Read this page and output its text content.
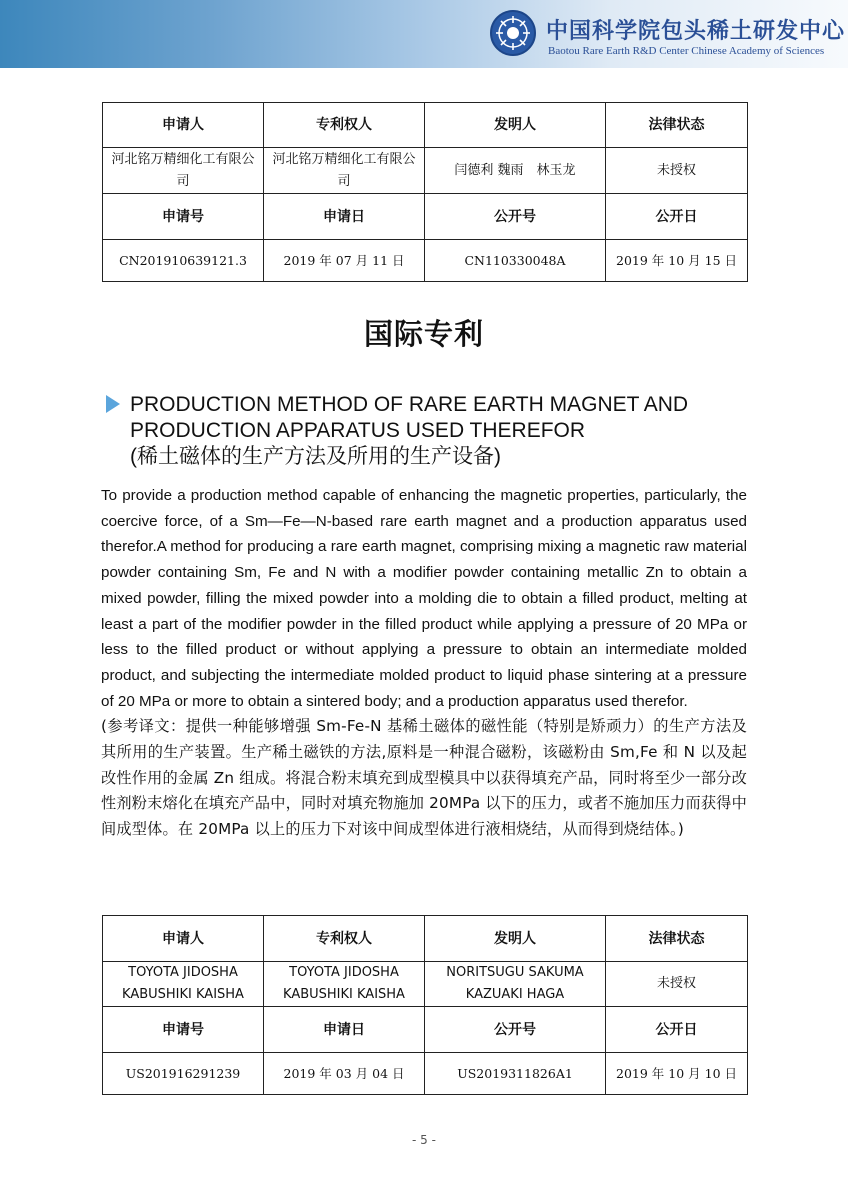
中国科学院包头稀土研发中心
Baotou Rare Earth R&D Center Chinese Academy of Sciences
申请人	专利权人	发明人	法律状态
河北铭万精细化工有限公司	河北铭万精细化工有限公司	闫德利 魏雨　林玉龙	未授权
申请号	申请日	公开号	公开日
CN201910639121.3	2019 年 07 月 11 日	CN110330048A	2019 年 10 月 15 日
国际专利
PRODUCTION METHOD OF RARE EARTH MAGNET AND PRODUCTION APPARATUS USED THEREFOR
(稀土磁体的生产方法及所用的生产设备)
To provide a production method capable of enhancing the magnetic properties, particularly, the coercive force, of a Sm—Fe—N-based rare earth magnet and a production apparatus used therefor.A method for producing a rare earth magnet, comprising mixing a magnetic raw material powder containing Sm, Fe and N with a modifier powder containing metallic Zn to obtain a mixed powder, filling the mixed powder into a molding die to obtain a filled product, melting at least a part of the modifier powder in the filled product while applying a pressure of 20 MPa or less to the filled product or without applying a pressure to obtain an intermediate molded product, and subjecting the intermediate molded product to liquid phase sintering at a pressure of 20 MPa or more to obtain a sintered body; and a production apparatus used therefor.
(参考译文：提供一种能够增强 Sm-Fe-N 基稀土磁体的磁性能（特别是矫顽力）的生产方法及其所用的生产装置。生产稀土磁铁的方法,原料是一种混合磁粉，该磁粉由 Sm,Fe 和 N 以及起改性作用的金属 Zn 组成。将混合粉末填充到成型模具中以获得填充产品，同时将至少一部分改性剂粉末熔化在填充产品中，同时对填充物施加 20MPa 以下的压力，或者不施加压力而获得中间成型体。在 20MPa 以上的压力下对该中间成型体进行液相烧结，从而得到烧结体。)
申请人	专利权人	发明人	法律状态
TOYOTA JIDOSHA KABUSHIKI KAISHA	TOYOTA JIDOSHA KABUSHIKI KAISHA	NORITSUGU SAKUMA KAZUAKI HAGA	未授权
申请号	申请日	公开号	公开日
US201916291239	2019 年 03 月 04 日	US2019311826A1	2019 年 10 月 10 日
- 5 -
